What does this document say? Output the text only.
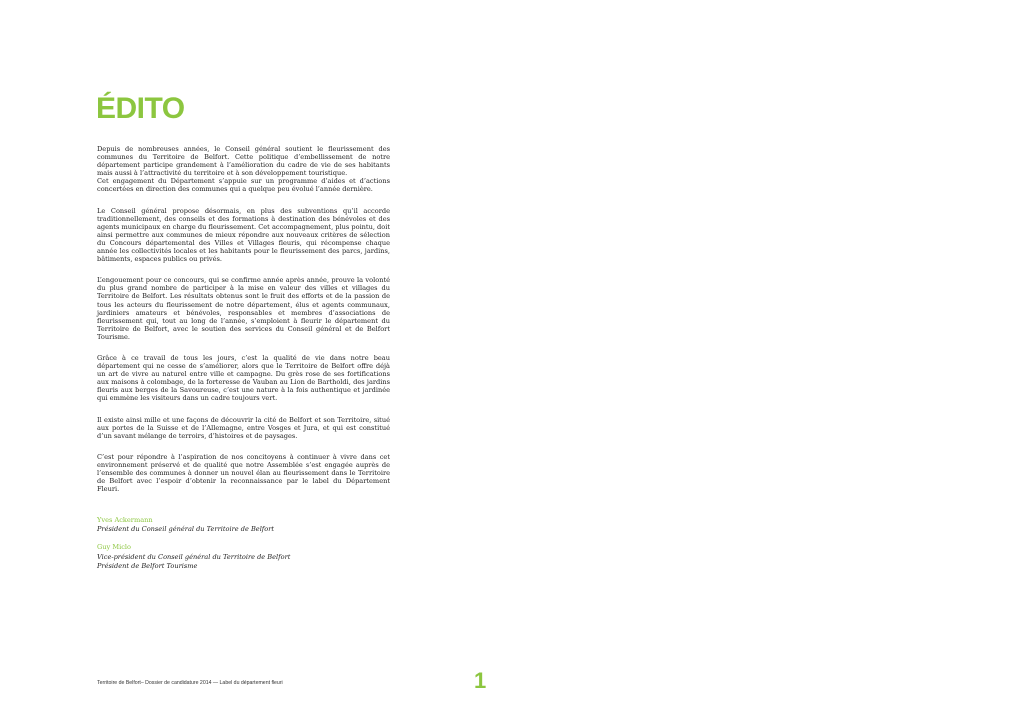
ÉDITO

Depuis de nombreuses années, le Conseil général soutient le fleurissement des communes du Territoire de Belfort. Cette politique d’embellissement de notre département participe grandement à l’amélioration du cadre de vie de ses habitants mais aussi à l’attractivité du territoire et à son développement touristique.
Cet engagement du Département s’appuie sur un programme d’aides et d’actions concertées en direction des communes qui a quelque peu évolué l’année dernière.

Le Conseil général propose désormais, en plus des subventions qu’il accorde traditionnellement, des conseils et des formations à destination des bénévoles et des agents municipaux en charge du fleurissement. Cet accompagnement, plus pointu, doit ainsi permettre aux communes de mieux répondre aux nouveaux critères de sélection du Concours départemental des Villes et Villages fleuris, qui récompense chaque année les collectivités locales et les habitants pour le fleurissement des parcs, jardins, bâtiments, espaces publics ou privés.

L’engouement pour ce concours, qui se confirme année après année, prouve la volonté du plus grand nombre de participer à la mise en valeur des villes et villages du Territoire de Belfort. Les résultats obtenus sont le fruit des efforts et de la passion de tous les acteurs du fleurissement de notre département, élus et agents communaux, jardiniers amateurs et bénévoles, responsables et membres d’associations de fleurissement qui, tout au long de l’année, s’emploient à fleurir le département du Territoire de Belfort, avec le soutien des services du Conseil général et de Belfort Tourisme.

Grâce à ce travail de tous les jours, c’est la qualité de vie dans notre beau département qui ne cesse de s’améliorer, alors que le Territoire de Belfort offre déjà un art de vivre au naturel entre ville et campagne. Du grès rose de ses fortifications aux maisons à colombage, de la forteresse de Vauban au Lion de Bartholdi, des jardins fleuris aux berges de la Savoureuse, c’est une nature à la fois authentique et jardinée qui emmène les visiteurs dans un cadre toujours vert.

Il existe ainsi mille et une façons de découvrir la cité de Belfort et son Territoire, situé aux portes de la Suisse et de l’Allemagne, entre Vosges et Jura, et qui est constitué d’un savant mélange de terroirs, d’histoires et de paysages.

C’est pour répondre à l’aspiration de nos concitoyens à continuer à vivre dans cet environnement préservé et de qualité que notre Assemblée s’est engagée auprès de l’ensemble des communes à donner un nouvel élan au fleurissement dans le Territoire de Belfort avec l’espoir d’obtenir la reconnaissance par le label du Département Fleuri.

Yves Ackermann
Président du Conseil général du Territoire de Belfort
Guy Miclo
Vice-président du Conseil général du Territoire de Belfort
Président de Belfort Tourisme
Territoire de Belfort– Dossier de candidature 2014 — Label du département fleuri	1
